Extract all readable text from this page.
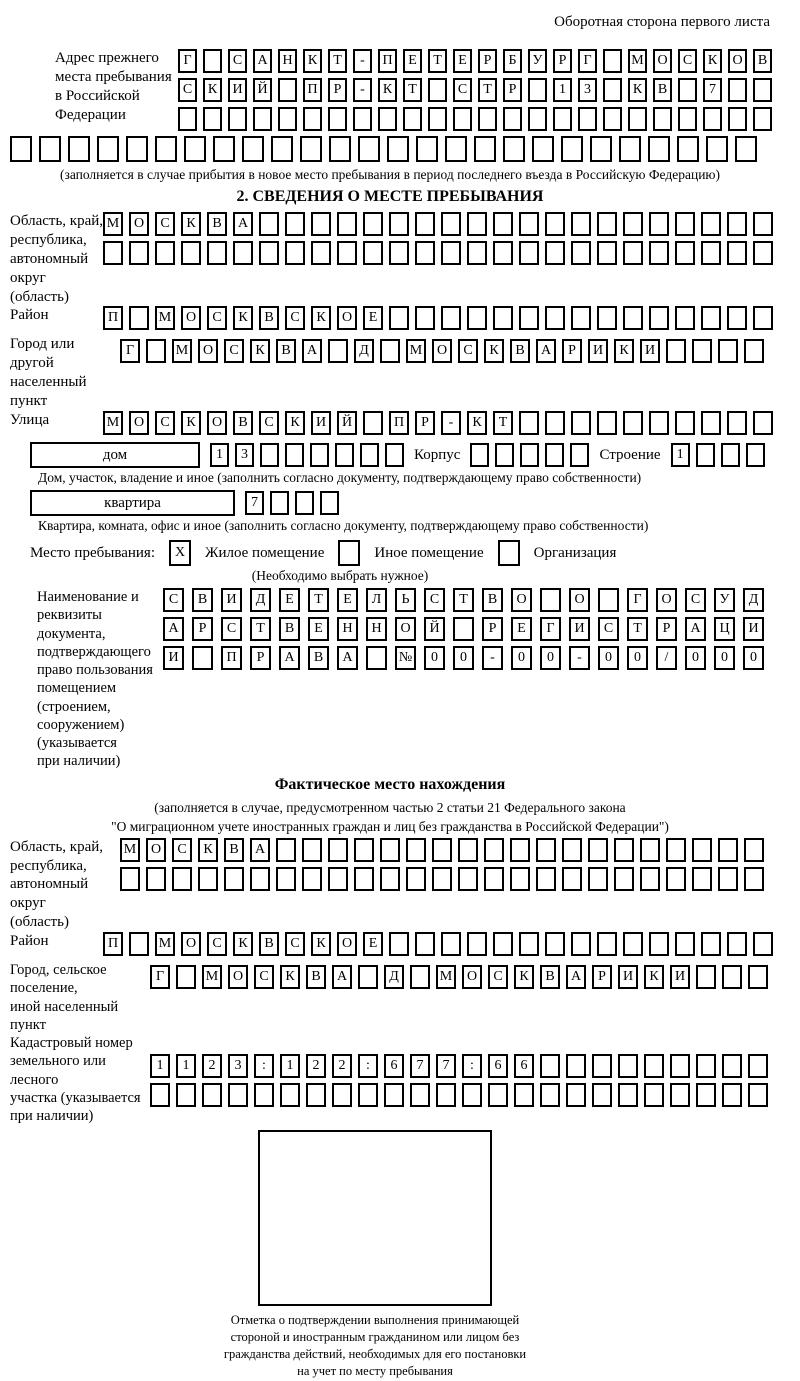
Оборотная сторона первого листа
Адрес прежнего
места пребывания
в Российской
Федерации
Г	С	А	Н	К	Т	-	П	Е	Т	Е	Р	Б	У	Р	Г	М О	С	К	О	В
С	К	И	Й	П	Р	-	К	Т	С	Т	Р	1	3	К	В	7
(заполняется в случае прибытия в новое место пребывания в период последнего въезда в Российскую Федерацию)
2. СВЕДЕНИЯ О МЕСТЕ ПРЕБЫВАНИЯ
Область, край,
республика,
автономный
округ (область)
М	О	С	К	В	А
Район	П	М	О	С	К	В	С	К	О	Е
Город или другой
населенный пункт
Г	М	О	С	К	В	А	Д	М	О	С	К	В	А	Р	И	К	И
Улица	М	О	С	К	О	В	С	К	И	Й	П	Р	-	К	Т
дом	1	3	Корпус	Строение	1
Дом, участок, владение и иное (заполнить согласно документу, подтверждающему право собственности)
квартира	7
Квартира, комната, офис и иное (заполнить согласно документу, подтверждающему право собственности)
Место пребывания:	X	Жилое помещение	Иное помещение	Организация
(Необходимо выбрать нужное)
Наименование и реквизиты
документа, подтверждающего
право пользования
помещением (строением,
сооружением) (указывается
при наличии)
С	В	И	Д	Е	Т	Е	Л	Ь	С	Т	В	О	О	Г	О	С	У	Д
А	Р	С	Т	В	Е	Н	Н	О	Й	Р	Е	Г	И	С	Т	Р	А	Ц	И
И	П	Р	А	В	А	№	0	0	-	0	0	-	0	0	/	0	0	0
Фактическое место нахождения
(заполняется в случае, предусмотренном частью 2 статьи 21 Федерального закона
"О миграционном учете иностранных граждан и лиц без гражданства в Российской Федерации")
Область, край,
республика,
автономный округ
(область)
М	О	С	К	В	А
Район	П	М	О	С	К	В	С	К	О	Е
Город, сельское поселение,
иной населенный пункт
Г	М	О	С	К	В	А	Д	М	О	С	К	В	А	Р	И	К	И
Кадастровый номер
земельного или лесного
участка (указывается
при наличии)
1	1	2	3	:	1	2	2	:	6	7	7	:	6	6
Отметка о подтверждении выполнения принимающей
стороной и иностранным гражданином или лицом без
гражданства действий, необходимых для его постановки
на учет по месту пребывания
